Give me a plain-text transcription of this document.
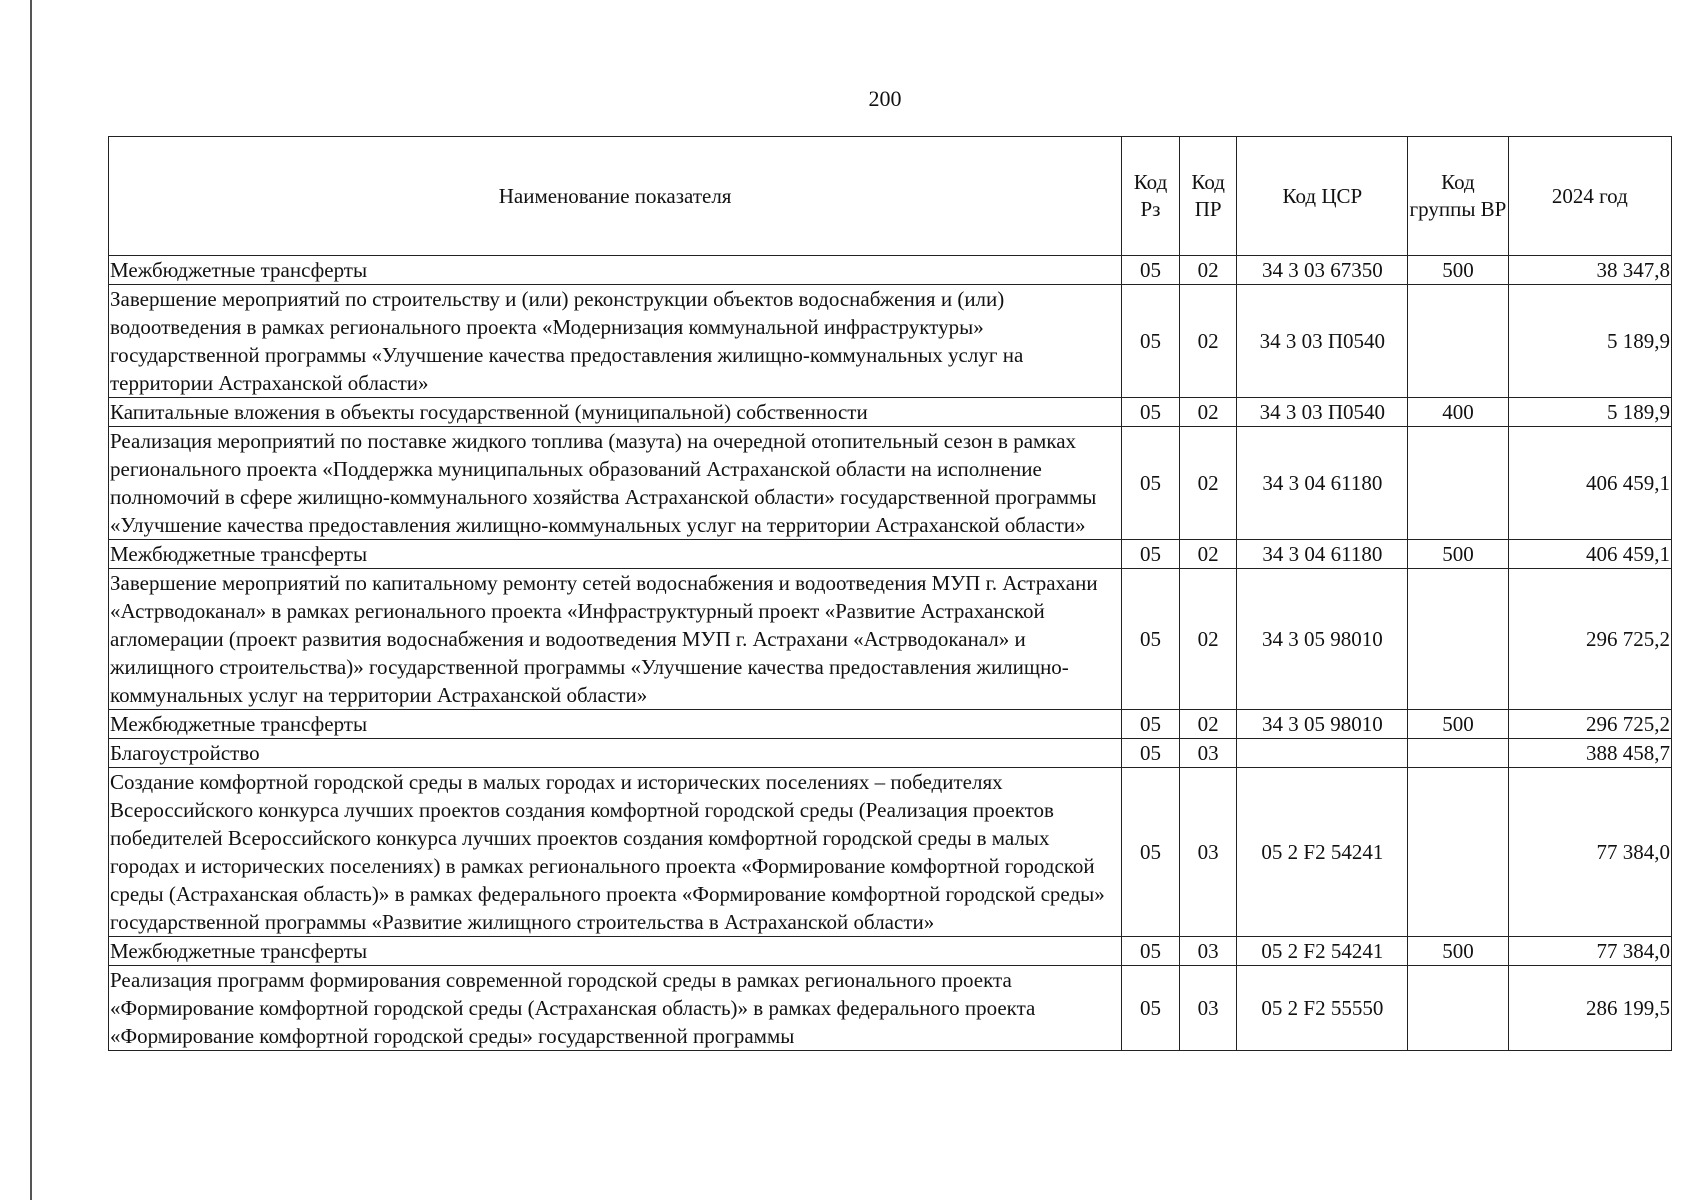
200
Наименование показателя	Код Рз	Код ПР	Код ЦСР	Код группы ВР	2024 год
Межбюджетные трансферты	05	02	34 3 03 67350	500	38 347,8
Завершение мероприятий по строительству и (или) реконструкции объектов водоснабжения и (или) водоотведения в рамках регионального проекта «Модернизация коммунальной инфраструктуры» государственной программы «Улучшение качества предоставления жилищно-коммунальных услуг на территории Астраханской области»	05	02	34 3 03 П0540		5 189,9
Капитальные вложения в объекты государственной (муниципальной) собственности	05	02	34 3 03 П0540	400	5 189,9
Реализация мероприятий по поставке жидкого топлива (мазута) на очередной отопительный сезон в рамках регионального проекта «Поддержка муниципальных образований Астраханской области на исполнение полномочий в сфере жилищно-коммунального хозяйства Астраханской области» государственной программы «Улучшение качества предоставления жилищно-коммунальных услуг на территории Астраханской области»	05	02	34 3 04 61180		406 459,1
Межбюджетные трансферты	05	02	34 3 04 61180	500	406 459,1
Завершение мероприятий по капитальному ремонту сетей водоснабжения и водоотведения МУП г. Астрахани «Астрводоканал» в рамках регионального проекта «Инфраструктурный проект «Развитие Астраханской агломерации (проект развития водоснабжения и водоотведения МУП г. Астрахани «Астрводоканал» и жилищного строительства)» государственной программы «Улучшение качества предоставления жилищно-коммунальных услуг на территории Астраханской области»	05	02	34 3 05 98010		296 725,2
Межбюджетные трансферты	05	02	34 3 05 98010	500	296 725,2
Благоустройство	05	03			388 458,7
Создание комфортной городской среды в малых городах и исторических поселениях – победителях Всероссийского конкурса лучших проектов создания комфортной городской среды (Реализация проектов победителей Всероссийского конкурса лучших проектов создания комфортной городской среды в малых городах и исторических поселениях) в рамках регионального проекта «Формирование комфортной городской среды (Астраханская область)» в рамках федерального проекта «Формирование комфортной городской среды» государственной программы «Развитие жилищного строительства в Астраханской области»	05	03	05 2 F2 54241		77 384,0
Межбюджетные трансферты	05	03	05 2 F2 54241	500	77 384,0
Реализация программ формирования современной городской среды в рамках регионального проекта «Формирование комфортной городской среды (Астраханская область)» в рамках федерального проекта «Формирование комфортной городской среды» государственной программы	05	03	05 2 F2 55550		286 199,5
